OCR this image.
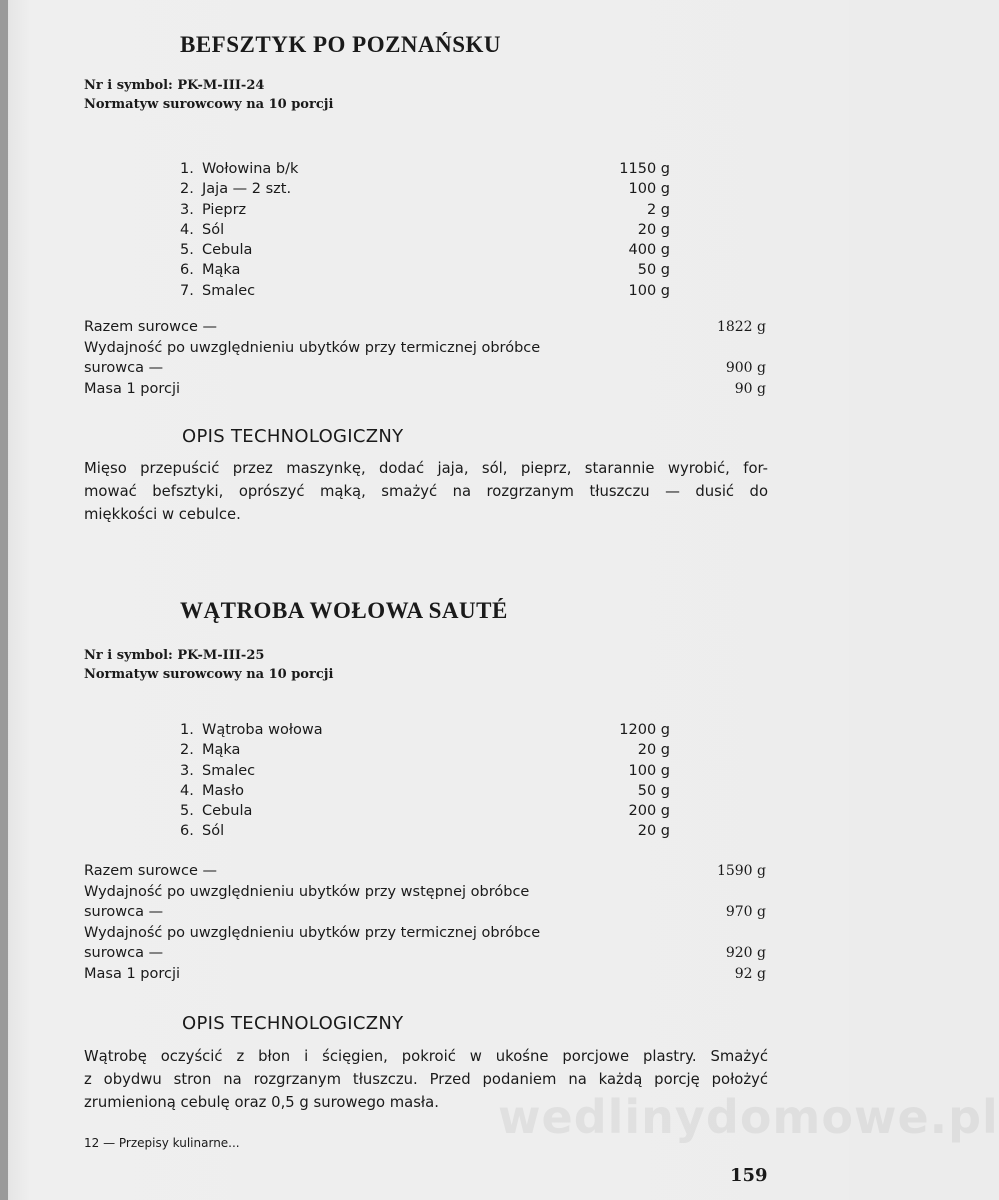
BEFSZTYK PO POZNAŃSKU
Nr i symbol: PK-M-III-24
Normatyw surowcowy na 10 porcji
1. Wołowina b/k	1150 g
2. Jaja — 2 szt.	100 g
3. Pieprz	2 g
4. Sól	20 g
5. Cebula	400 g
6. Mąka	50 g
7. Smalec	100 g
Razem surowce —	1822 g
Wydajność po uwzględnieniu ubytków przy termicznej obróbce
surowca —	900 g
Masa 1 porcji	90 g
OPIS TECHNOLOGICZNY
Mięso przepuścić przez maszynkę, dodać jaja, sól, pieprz, starannie wyrobić, for-
mować befsztyki, oprószyć mąką, smażyć na rozgrzanym tłuszczu — dusić do
miękkości w cebulce.
WĄTROBA WOŁOWA SAUTÉ
Nr i symbol: PK-M-III-25
Normatyw surowcowy na 10 porcji
1. Wątroba wołowa	1200 g
2. Mąka	20 g
3. Smalec	100 g
4. Masło	50 g
5. Cebula	200 g
6. Sól	20 g
Razem surowce —	1590 g
Wydajność po uwzględnieniu ubytków przy wstępnej obróbce
surowca —	970 g
Wydajność po uwzględnieniu ubytków przy termicznej obróbce
surowca —	920 g
Masa 1 porcji	92 g
OPIS TECHNOLOGICZNY
Wątrobę oczyścić z błon i ścięgien, pokroić w ukośne porcjowe plastry. Smażyć
z obydwu stron na rozgrzanym tłuszczu. Przed podaniem na każdą porcję położyć
zrumienioną cebulę oraz 0,5 g surowego masła.	wedlinydomowe.pl
12 — Przepisy kulinarne...
159
